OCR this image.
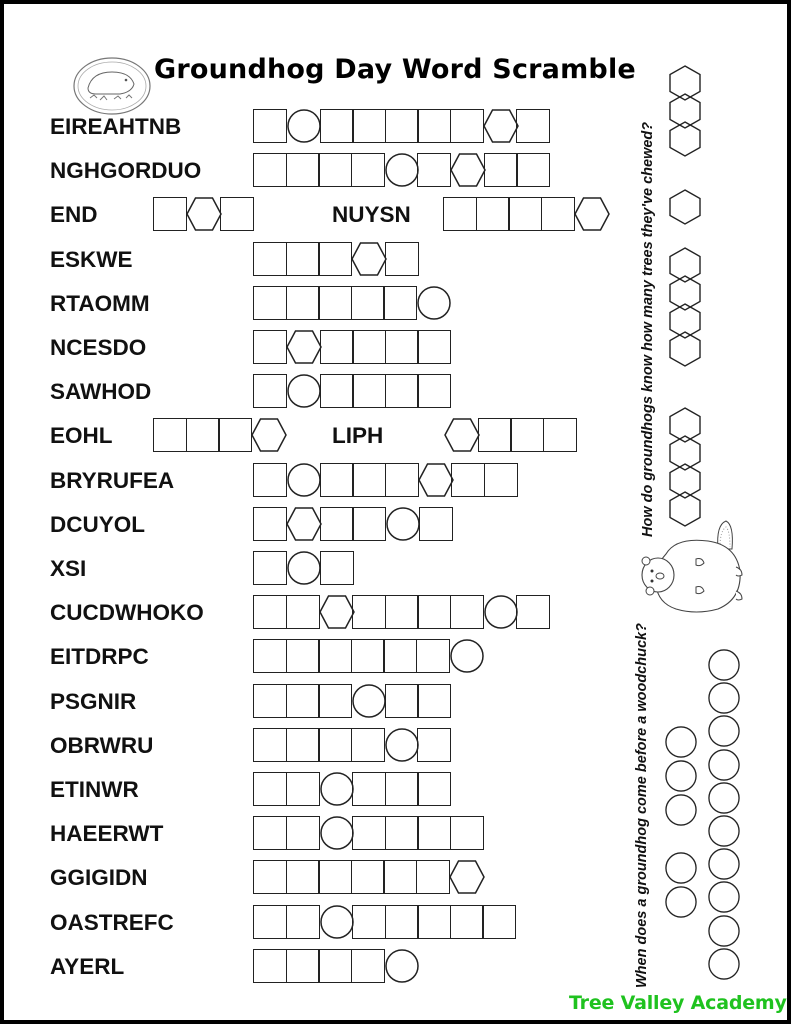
Groundhog Day Word Scramble
EIREAHTNB
NGHGORDUO
END	NUYSN
ESKWE
RTAOMM
NCESDO
SAWHOD
EOHL	LIPH
BRYRUFEA
DCUYOL
XSI
CUCDWHOKO
EITDRPC
PSGNIR
OBRWRU
ETINWR
HAEERWT
GGIGIDN
OASTREFC
AYERL
How do groundhogs know how many trees they've chewed?
When does a groundhog come before a woodchuck?
Tree Valley Academy
